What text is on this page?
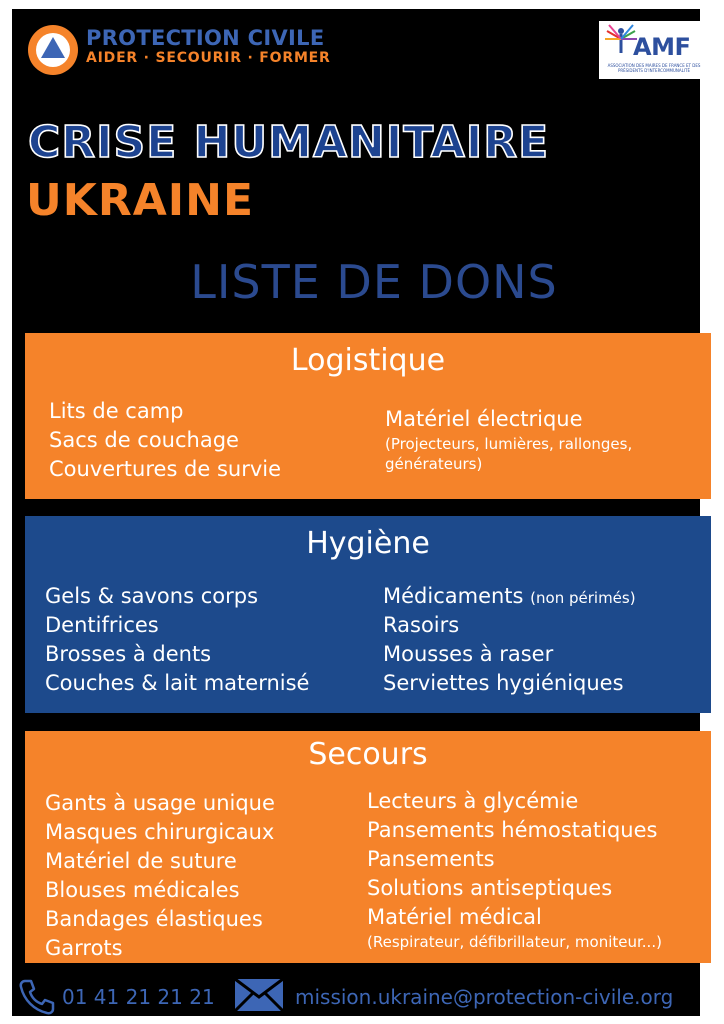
PROTECTION CIVILE
AIDER · SECOURIR · FORMER	AMF
ASSOCIATION DES MAIRES DE FRANCE ET DES PRÉSIDENTS D'INTERCOMMUNALITÉ
CRISE HUMANITAIRE
UKRAINE
LISTE DE DONS
Logistique
Lits de camp
Sacs de couchage
Couvertures de survie
Matériel électrique
(Projecteurs, lumières, rallonges,
générateurs)
Hygiène
Gels & savons corps
Dentifrices
Brosses à dents
Couches & lait maternisé
Médicaments (non périmés)
Rasoirs
Mousses à raser
Serviettes hygiéniques
Secours
Gants à usage unique
Masques chirurgicaux
Matériel de suture
Blouses médicales
Bandages élastiques
Garrots
Lecteurs à glycémie
Pansements hémostatiques
Pansements
Solutions antiseptiques
Matériel médical
(Respirateur, défibrillateur, moniteur...)
01 41 21 21 21	mission.ukraine@protection-civile.org
